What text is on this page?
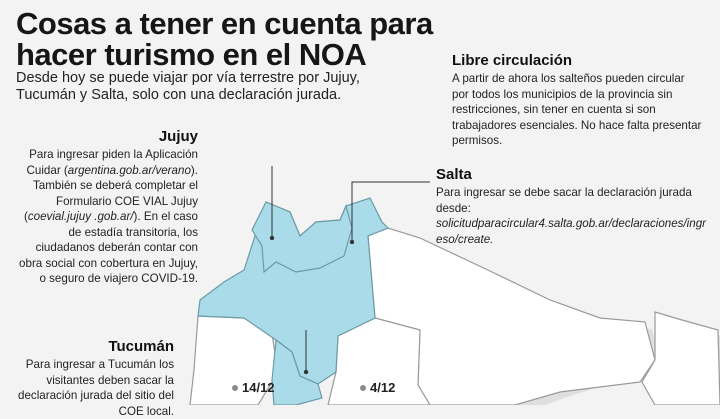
Cosas a tener en cuenta para
hacer turismo en el NOA
Desde hoy se puede viajar por vía terrestre por Jujuy, Tucumán y Salta, solo con una declaración jurada.
Libre circulación
A partir de ahora los salteños pueden circular por todos los municipios de la provincia sin restricciones, sin tener en cuenta si son trabajadores esenciales. No hace falta presentar permisos.
Jujuy
Para ingresar piden la Aplicación Cuidar (argentina.gob.ar/verano). También se deberá completar el Formulario COE VIAL Jujuy (coevial.jujuy .gob.ar/). En el caso de estadía transitoria, los ciudadanos deberán contar con obra social con cobertura en Jujuy, o seguro de viajero COVID-19.
Salta
Para ingresar se debe sacar la declaración jurada desde:
solicitudparacircular4.salta.gob.ar/declaraciones/ingreso/create.
Tucumán
Para ingresar a Tucumán los visitantes deben sacar la declaración jurada del sitio del COE local.
14/12	4/12
